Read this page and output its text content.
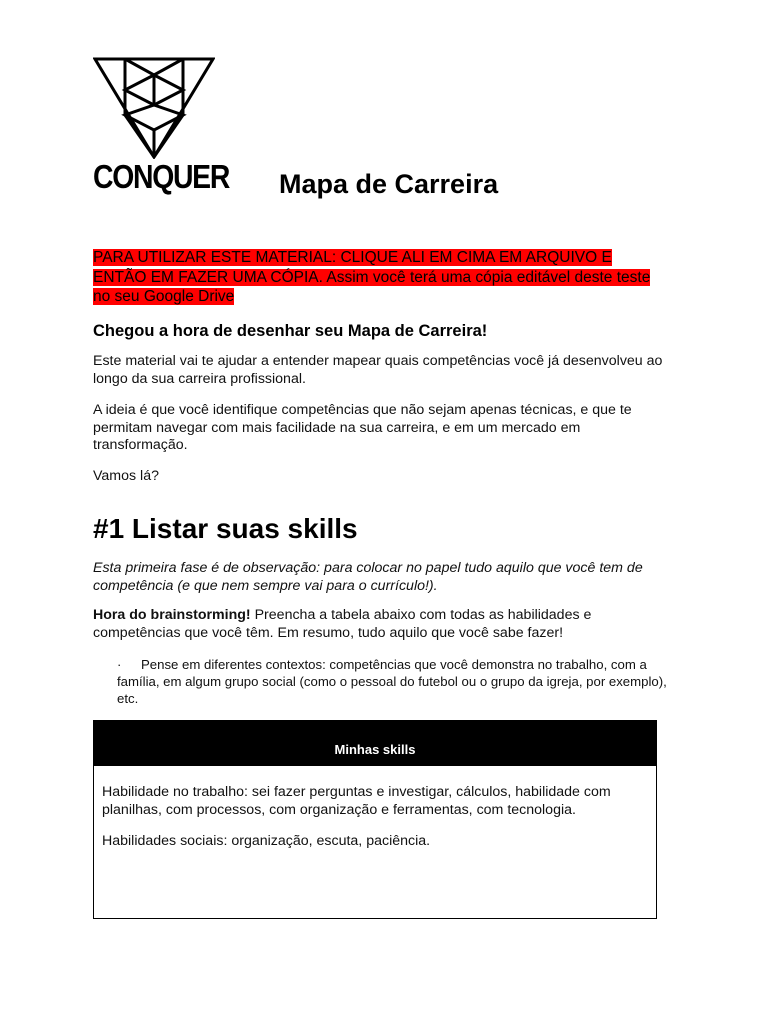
CONQUER Mapa de Carreira
PARA UTILIZAR ESTE MATERIAL: CLIQUE ALI EM CIMA EM ARQUIVO E ENTÃO EM FAZER UMA CÓPIA. Assim você terá uma cópia editável deste teste no seu Google Drive
Chegou a hora de desenhar seu Mapa de Carreira!

Este material vai te ajudar a entender mapear quais competências você já desenvolveu ao longo da sua carreira profissional.

A ideia é que você identifique competências que não sejam apenas técnicas, e que te permitam navegar com mais facilidade na sua carreira, e em um mercado em transformação.

Vamos lá?

#1 Listar suas skills

Esta primeira fase é de observação: para colocar no papel tudo aquilo que você tem de competência (e que nem sempre vai para o currículo!).

Hora do brainstorming! Preencha a tabela abaixo com todas as habilidades e competências que você têm. Em resumo, tudo aquilo que você sabe fazer!

· Pense em diferentes contextos: competências que você demonstra no trabalho, com a família, em algum grupo social (como o pessoal do futebol ou o grupo da igreja, por exemplo), etc.
Minhas skills

Habilidade no trabalho: sei fazer perguntas e investigar, cálculos, habilidade com planilhas, com processos, com organização e ferramentas, com tecnologia.

Habilidades sociais: organização, escuta, paciência.
